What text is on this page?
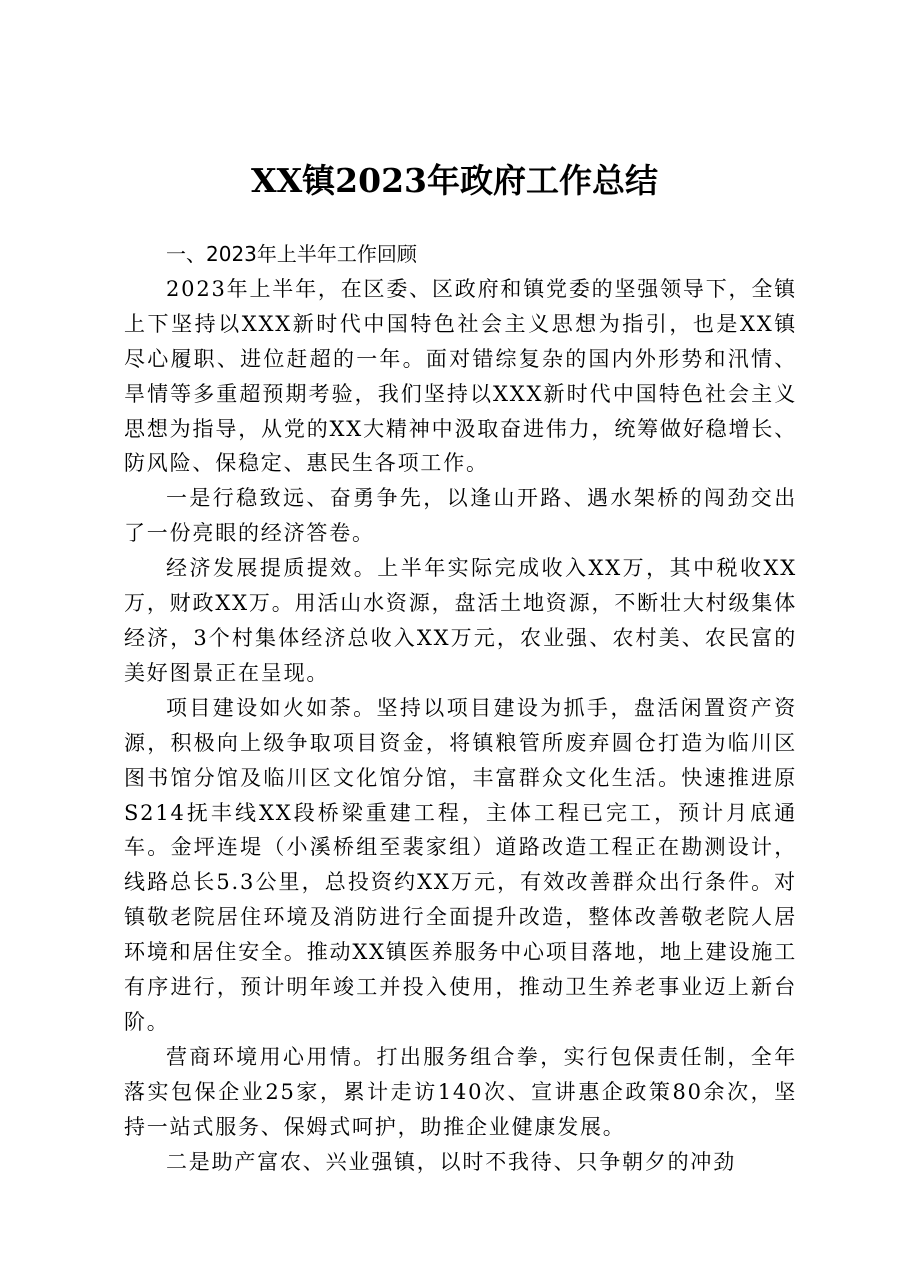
XX镇2023年政府工作总结

一、2023年上半年工作回顾

2023年上半年，在区委、区政府和镇党委的坚强领导下，全镇上下坚持以XXX新时代中国特色社会主义思想为指引，也是XX镇尽心履职、进位赶超的一年。面对错综复杂的国内外形势和汛情、旱情等多重超预期考验，我们坚持以XXX新时代中国特色社会主义思想为指导，从党的XX大精神中汲取奋进伟力，统筹做好稳增长、防风险、保稳定、惠民生各项工作。

一是行稳致远、奋勇争先，以逢山开路、遇水架桥的闯劲交出了一份亮眼的经济答卷。

经济发展提质提效。上半年实际完成收入XX万，其中税收XX万，财政XX万。用活山水资源，盘活土地资源，不断壮大村级集体经济，3个村集体经济总收入XX万元，农业强、农村美、农民富的美好图景正在呈现。

项目建设如火如荼。坚持以项目建设为抓手，盘活闲置资产资源，积极向上级争取项目资金，将镇粮管所废弃圆仓打造为临川区图书馆分馆及临川区文化馆分馆，丰富群众文化生活。快速推进原S214抚丰线XX段桥梁重建工程，主体工程已完工，预计月底通车。金坪连堤（小溪桥组至裴家组）道路改造工程正在勘测设计，线路总长5.3公里，总投资约XX万元，有效改善群众出行条件。对镇敬老院居住环境及消防进行全面提升改造，整体改善敬老院人居环境和居住安全。推动XX镇医养服务中心项目落地，地上建设施工有序进行，预计明年竣工并投入使用，推动卫生养老事业迈上新台阶。

营商环境用心用情。打出服务组合拳，实行包保责任制，全年落实包保企业25家，累计走访140次、宣讲惠企政策80余次，坚持一站式服务、保姆式呵护，助推企业健康发展。

二是助产富农、兴业强镇，以时不我待、只争朝夕的冲劲
